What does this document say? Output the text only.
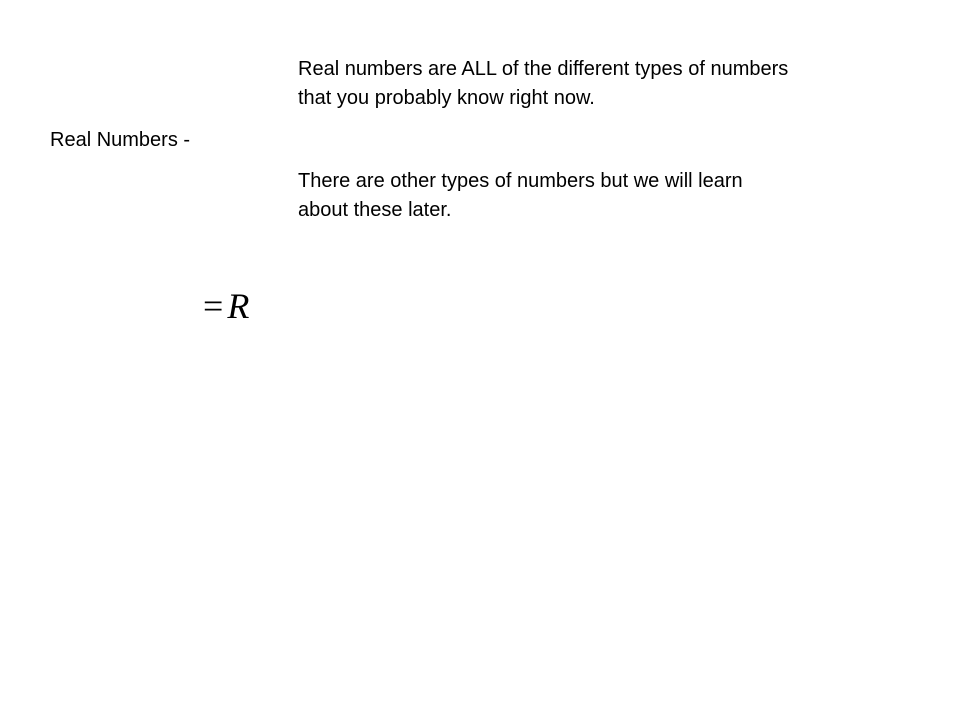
Real Numbers -
Real numbers are ALL of the different types of numbers
that you probably know right now.
There are other types of numbers but we will learn
about these later.
= R
